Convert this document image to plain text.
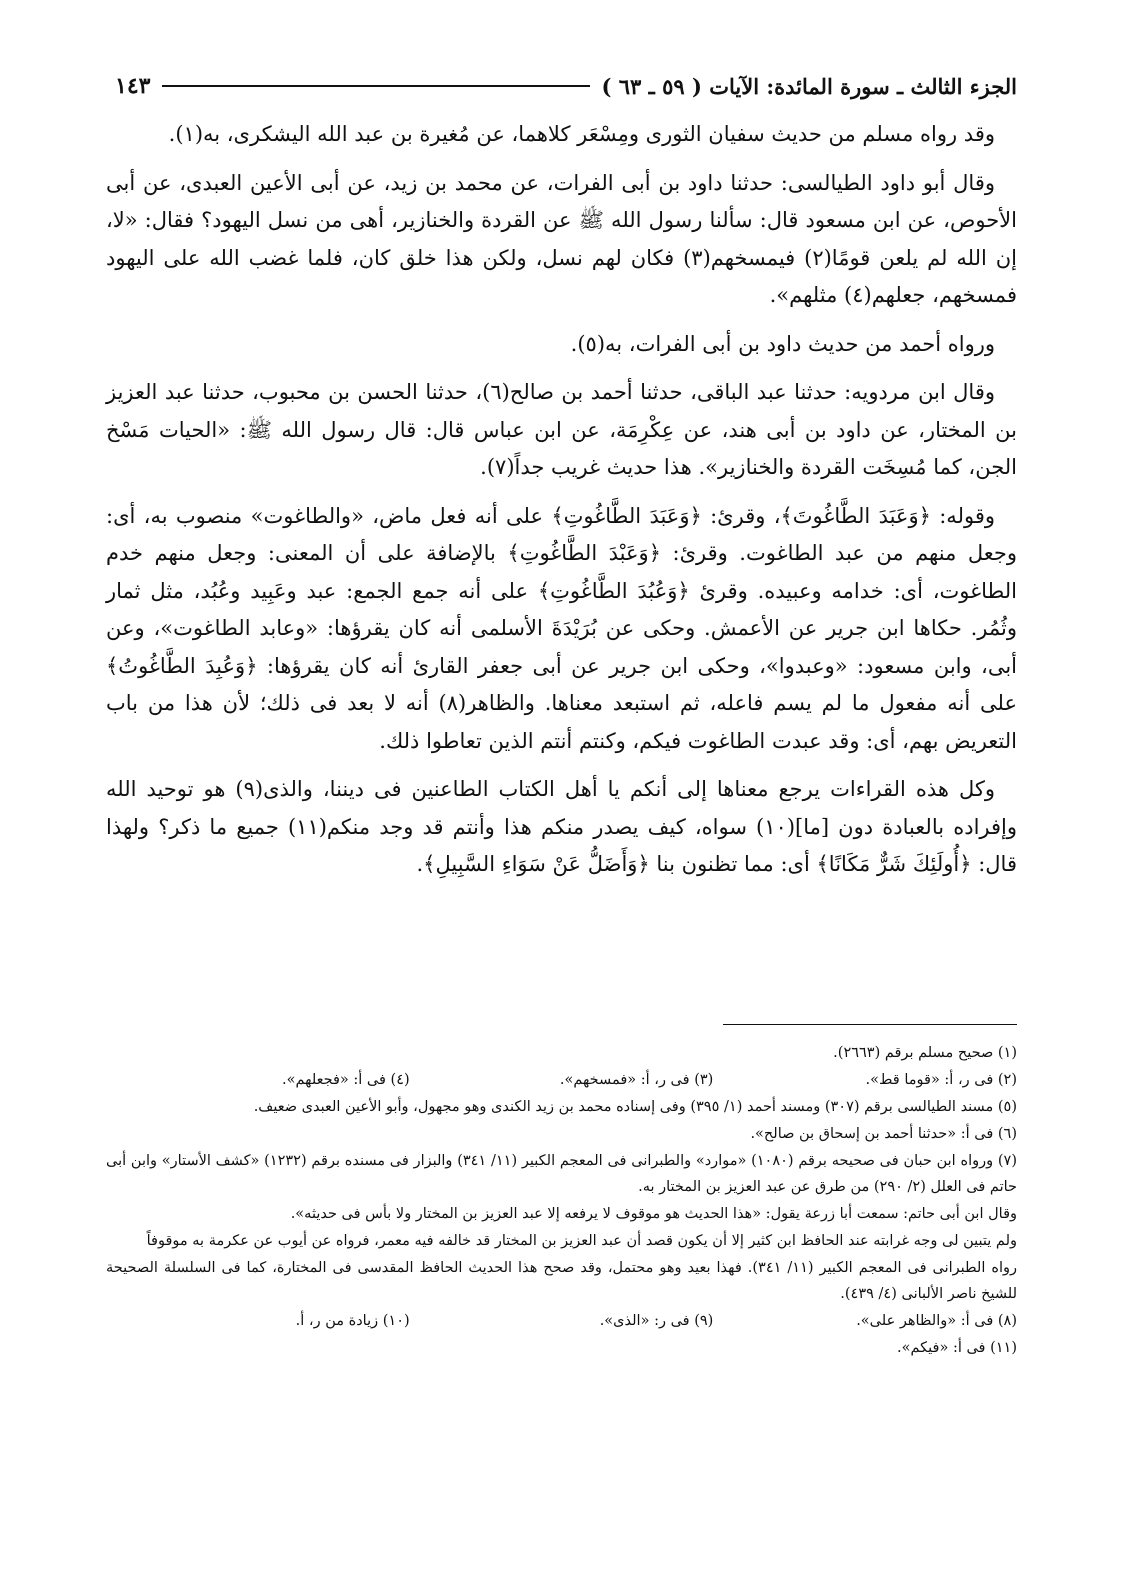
الجزء الثالث ـ سورة المائدة: الآيات ( ٥٩ ـ ٦٣ )
١٤٣

وقد رواه مسلم من حديث سفيان الثورى ومِسْعَر كلاهما، عن مُغيرة بن عبد الله اليشكرى، به(١).

وقال أبو داود الطيالسى: حدثنا داود بن أبى الفرات، عن محمد بن زيد، عن أبى الأعين العبدى، عن أبى الأحوص، عن ابن مسعود قال: سألنا رسول الله ﷺ عن القردة والخنازير، أهى من نسل اليهود؟ فقال: «لا، إن الله لم يلعن قومًا(٢) فيمسخهم(٣) فكان لهم نسل، ولكن هذا خلق كان، فلما غضب الله على اليهود فمسخهم، جعلهم(٤) مثلهم».

ورواه أحمد من حديث داود بن أبى الفرات، به(٥).

وقال ابن مردويه: حدثنا عبد الباقى، حدثنا أحمد بن صالح(٦)، حدثنا الحسن بن محبوب، حدثنا عبد العزيز بن المختار، عن داود بن أبى هند، عن عِكْرِمَة، عن ابن عباس قال: قال رسول الله ﷺ: «الحيات مَسْخ الجن، كما مُسِخَت القردة والخنازير». هذا حديث غريب جداً(٧).

وقوله: ﴿وَعَبَدَ الطَّاغُوتَ﴾، وقرئ: ﴿وَعَبَدَ الطَّاغُوتِ﴾ على أنه فعل ماض، «والطاغوت» منصوب به، أى: وجعل منهم من عبد الطاغوت. وقرئ: ﴿وَعَبْدَ الطَّاغُوتِ﴾ بالإضافة على أن المعنى: وجعل منهم خدم الطاغوت، أى: خدامه وعبيده. وقرئ ﴿وَعُبُدَ الطَّاغُوتِ﴾ على أنه جمع الجمع: عبد وعَبِيد وعُبُد، مثل ثمار وثُمُر. حكاها ابن جرير عن الأعمش. وحكى عن بُرَيْدَةَ الأسلمى أنه كان يقرؤها: «وعابد الطاغوت»، وعن أبى، وابن مسعود: «وعبدوا»، وحكى ابن جرير عن أبى جعفر القارئ أنه كان يقرؤها: ﴿وَعُبِدَ الطَّاغُوتُ﴾ على أنه مفعول ما لم يسم فاعله، ثم استبعد معناها. والظاهر(٨) أنه لا بعد فى ذلك؛ لأن هذا من باب التعريض بهم، أى: وقد عبدت الطاغوت فيكم، وكنتم أنتم الذين تعاطوا ذلك.

وكل هذه القراءات يرجع معناها إلى أنكم يا أهل الكتاب الطاعنين فى ديننا، والذى(٩) هو توحيد الله وإفراده بالعبادة دون [ما](١٠) سواه، كيف يصدر منكم هذا وأنتم قد وجد منكم(١١) جميع ما ذكر؟ ولهذا قال: ﴿أُولَئِكَ شَرٌّ مَكَانًا﴾ أى: مما تظنون بنا ﴿وَأَضَلُّ عَنْ سَوَاءِ السَّبِيلِ﴾.

(١) صحيح مسلم برقم (٢٦٦٣).
(٢) فى ر، أ: «قوما قط».
(٣) فى ر، أ: «فمسخهم».
(٤) فى أ: «فجعلهم».
(٥) مسند الطيالسى برقم (٣٠٧) ومسند أحمد (١/ ٣٩٥) وفى إسناده محمد بن زيد الكندى وهو مجهول، وأبو الأعين العبدى ضعيف.
(٦) فى أ: «حدثنا أحمد بن إسحاق بن صالح».
(٧) ورواه ابن حبان فى صحيحه برقم (١٠٨٠) «موارد» والطبرانى فى المعجم الكبير (١١/ ٣٤١) والبزار فى مسنده برقم (١٢٣٢) «كشف الأستار» وابن أبى حاتم فى العلل (٢/ ٢٩٠) من طرق عن عبد العزيز بن المختار به.
وقال ابن أبى حاتم: سمعت أبا زرعة يقول: «هذا الحديث هو موقوف لا يرفعه إلا عبد العزيز بن المختار ولا بأس فى حديثه».
ولم يتبين لى وجه غرابته عند الحافظ ابن كثير إلا أن يكون قصد أن عبد العزيز بن المختار قد خالفه فيه معمر، فرواه عن أيوب عن عكرمة به موقوفاً
رواه الطبرانى فى المعجم الكبير (١١/ ٣٤١). فهذا بعيد وهو محتمل، وقد صحح هذا الحديث الحافظ المقدسى فى المختارة، كما فى السلسلة الصحيحة للشيخ ناصر الألبانى (٤/ ٤٣٩).
(٨) فى أ: «والظاهر على».
(٩) فى ر: «الذى».
(١٠) زيادة من ر، أ.
(١١) فى أ: «فيكم».
